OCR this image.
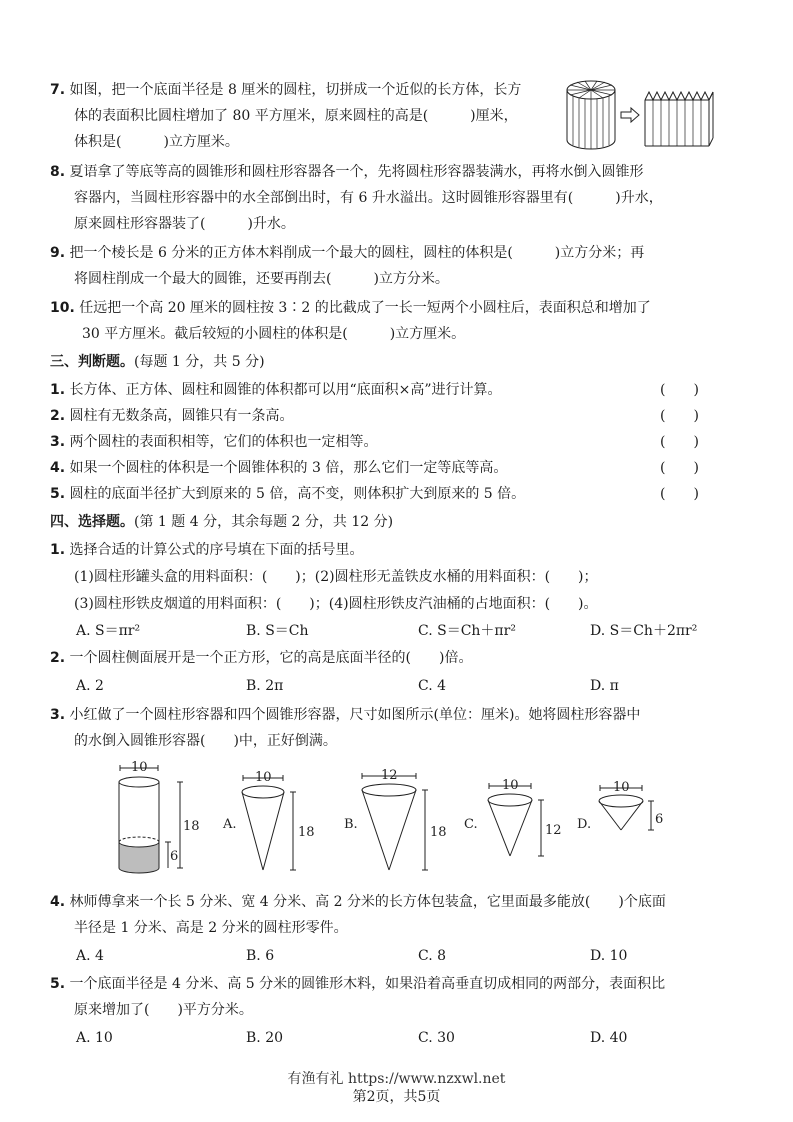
7. 如图，把一个底面半径是 8 厘米的圆柱，切拼成一个近似的长方体，长方
体的表面积比圆柱增加了 80 平方厘米，原来圆柱的高是(　　　)厘米，
体积是(　　　)立方厘米。
8. 夏语拿了等底等高的圆锥形和圆柱形容器各一个，先将圆柱形容器装满水，再将水倒入圆锥形
容器内，当圆柱形容器中的水全部倒出时，有 6 升水溢出。这时圆锥形容器里有(　　　)升水，
原来圆柱形容器装了(　　　)升水。
9. 把一个棱长是 6 分米的正方体木料削成一个最大的圆柱，圆柱的体积是(　　　)立方分米；再
将圆柱削成一个最大的圆锥，还要再削去(　　　)立方分米。
10. 任远把一个高 20 厘米的圆柱按 3∶2 的比截成了一长一短两个小圆柱后，表面积总和增加了
30 平方厘米。截后较短的小圆柱的体积是(　　　)立方厘米。
三、判断题。(每题 1 分，共 5 分)
1. 长方体、正方体、圆柱和圆锥的体积都可以用“底面积×高”进行计算。	(　　)
2. 圆柱有无数条高，圆锥只有一条高。	(　　)
3. 两个圆柱的表面积相等，它们的体积也一定相等。	(　　)
4. 如果一个圆柱的体积是一个圆锥体积的 3 倍，那么它们一定等底等高。	(　　)
5. 圆柱的底面半径扩大到原来的 5 倍，高不变，则体积扩大到原来的 5 倍。	(　　)
四、选择题。(第 1 题 4 分，其余每题 2 分，共 12 分)
1. 选择合适的计算公式的序号填在下面的括号里。
(1)圆柱形罐头盒的用料面积：(　　)；(2)圆柱形无盖铁皮水桶的用料面积：(　　)；
(3)圆柱形铁皮烟道的用料面积：(　　)；(4)圆柱形铁皮汽油桶的占地面积：(　　)。
A. S＝πr²	B. S＝Ch	C. S＝Ch＋πr²	D. S＝Ch＋2πr²
2. 一个圆柱侧面展开是一个正方形，它的高是底面半径的(　　)倍。
A. 2	B. 2π	C. 4	D. π
3. 小红做了一个圆柱形容器和四个圆锥形容器，尺寸如图所示(单位：厘米)。她将圆柱形容器中
的水倒入圆锥形容器(　　)中，正好倒满。
10
18
6
A.
10
18
B.
12
18
C.
10
12 D.
10
6
4. 林师傅拿来一个长 5 分米、宽 4 分米、高 2 分米的长方体包装盒，它里面最多能放(　　)个底面
半径是 1 分米、高是 2 分米的圆柱形零件。
A. 4	B. 6	C. 8	D. 10
5. 一个底面半径是 4 分米、高 5 分米的圆锥形木料，如果沿着高垂直切成相同的两部分，表面积比
原来增加了(　　)平方分米。
A. 10	B. 20	C. 30	D. 40
有渔有礼 https://www.nzxwl.net
第2页，共5页
